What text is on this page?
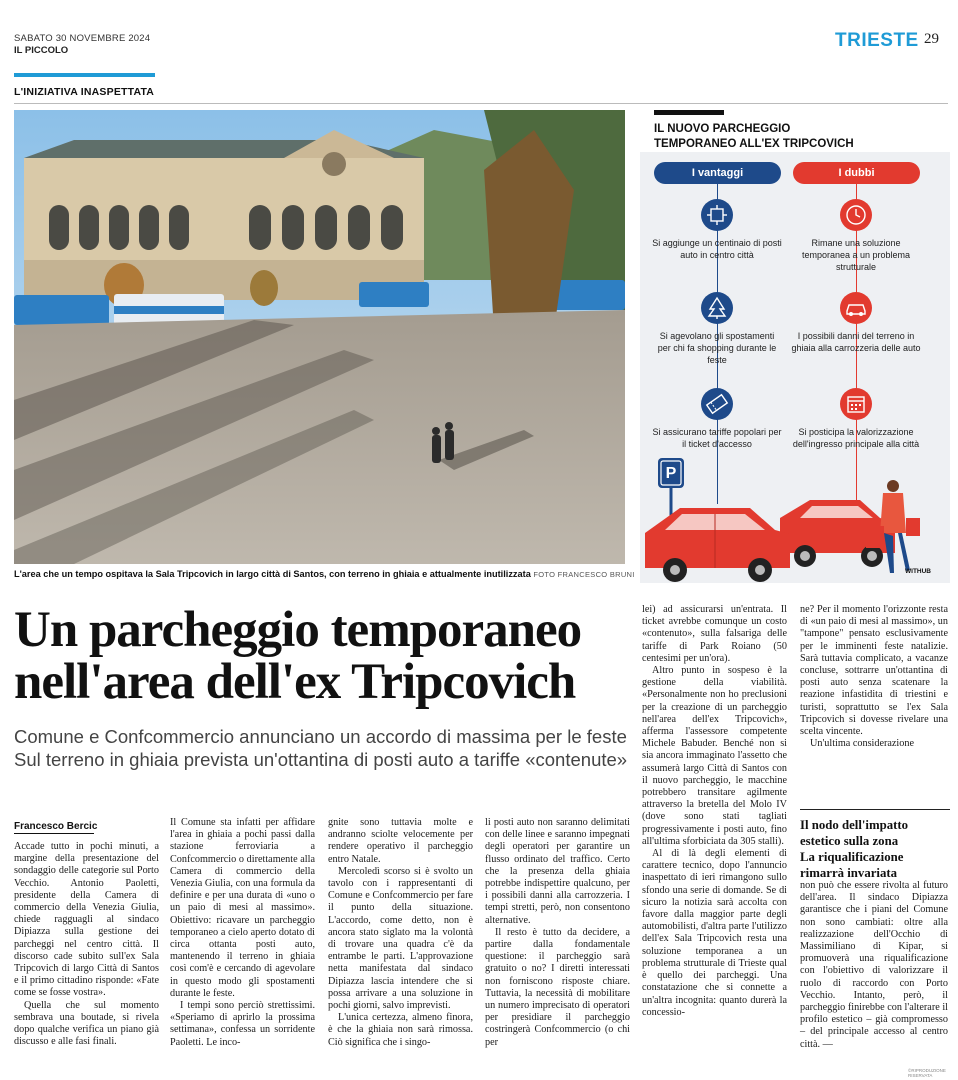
SABATO 30 NOVEMBRE 2024
IL PICCOLO	TRIESTE 29
L'INIZIATIVA INASPETTATA
L'area che un tempo ospitava la Sala Tripcovich in largo città di Santos, con terreno in ghiaia e attualmente inutilizzata FOTO FRANCESCO BRUNI
IL NUOVO PARCHEGGIO
TEMPORANEO ALL'EX TRIPCOVICH
I vantaggi	I dubbi
Si aggiunge un centinaio di posti auto in centro città
Si agevolano gli spostamenti per chi fa shopping durante le feste
Si assicurano tariffe popolari per il ticket d'accesso
Rimane una soluzione temporanea a un problema strutturale
I possibili danni del terreno in ghiaia alla carrozzeria delle auto
Si posticipa la valorizzazione dell'ingresso principale alla città
P
WITHUB
Un parcheggio temporaneo
nell'area dell'ex Tripcovich
Comune e Confcommercio annunciano un accordo di massima per le feste
Sul terreno in ghiaia prevista un'ottantina di posti auto a tariffe «contenute»
Francesco Bercic

Accade tutto in pochi minuti, a margine della presentazione del sondaggio delle categorie sul Porto Vecchio. Antonio Paoletti, presidente della Camera di commercio della Venezia Giulia, chiede ragguagli al sindaco Dipiazza sulla gestione dei parcheggi nel centro città. Il discorso cade subito sull'ex Sala Tripcovich di largo Città di Santos e il primo cittadino risponde: «Fate come se fosse vostra».

Quella che sul momento sembrava una boutade, si rivela dopo qualche verifica un piano già discusso e alle fasi finali.

Il Comune sta infatti per affidare l'area in ghiaia a pochi passi dalla stazione ferroviaria a Confcommercio o direttamente alla Camera di commercio della Venezia Giulia, con una formula da definire e per una durata di «uno o un paio di mesi al massimo». Obiettivo: ricavare un parcheggio temporaneo a cielo aperto dotato di circa ottanta posti auto, mantenendo il terreno in ghiaia così com'è e cercando di agevolare in questo modo gli spostamenti durante le feste.

I tempi sono perciò strettissimi. «Speriamo di aprirlo la prossima settimana», confessa un sorridente Paoletti. Le inco-

gnite sono tuttavia molte e andranno sciolte velocemente per rendere operativo il parcheggio entro Natale.

Mercoledì scorso si è svolto un tavolo con i rappresentanti di Comune e Confcommercio per fare il punto della situazione. L'accordo, come detto, non è ancora stato siglato ma la volontà di trovare una quadra c'è da entrambe le parti. L'approvazione netta manifestata dal sindaco Dipiazza lascia intendere che si possa arrivare a una soluzione in pochi giorni, salvo imprevisti.

L'unica certezza, almeno finora, è che la ghiaia non sarà rimossa. Ciò significa che i singo-

li posti auto non saranno delimitati con delle linee e saranno impegnati degli operatori per garantire un flusso ordinato del traffico. Certo che la presenza della ghiaia potrebbe indispettire qualcuno, per i possibili danni alla carrozzeria. I tempi stretti, però, non consentono alternative.

Il resto è tutto da decidere, a partire dalla fondamentale questione: il parcheggio sarà gratuito o no? I diretti interessati non forniscono risposte chiare. Tuttavia, la necessità di mobilitare un numero imprecisato di operatori per presidiare il parcheggio costringerà Confcommercio (o chi per

lei) ad assicurarsi un'entrata. Il ticket avrebbe comunque un costo «contenuto», sulla falsariga delle tariffe di Park Roiano (50 centesimi per un'ora).

Altro punto in sospeso è la gestione della viabilità. «Personalmente non ho preclusioni per la creazione di un parcheggio nell'area dell'ex Tripcovich», afferma l'assessore competente Michele Babuder. Benché non si sia ancora immaginato l'assetto che assumerà largo Città di Santos con il nuovo parcheggio, le macchine potrebbero transitare agilmente attraverso la bretella del Molo IV (dove sono stati tagliati progressivamente i posti auto, fino all'ultima sforbiciata da 305 stalli).

Al di là degli elementi di carattere tecnico, dopo l'annuncio inaspettato di ieri rimangono sullo sfondo una serie di domande. Se di sicuro la notizia sarà accolta con favore dalla maggior parte degli automobilisti, d'altra parte l'utilizzo dell'ex Sala Tripcovich resta una soluzione temporanea a un problema strutturale di Trieste qual è quello dei parcheggi. Una constatazione che si connette a un'altra incognita: quanto durerà la concessio-

ne? Per il momento l'orizzonte resta di «un paio di mesi al massimo», un "tampone" pensato esclusivamente per le imminenti feste natalizie. Sarà tuttavia complicato, a vacanze concluse, sottrarre un'ottantina di posti auto senza scatenare la reazione infastidita di triestini e turisti, soprattutto se l'ex Sala Tripcovich si dovesse rivelare una scelta vincente.

Un'ultima considerazione

Il nodo dell'impatto
estetico sulla zona
La riqualificazione
rimarrà invariata

non può che essere rivolta al futuro dell'area. Il sindaco Dipiazza garantisce che i piani del Comune non sono cambiati: oltre alla realizzazione dell'Occhio di Massimiliano di Kipar, si promuoverà una riqualificazione con l'obiettivo di valorizzare il ruolo di raccordo con Porto Vecchio. Intanto, però, il parcheggio finirebbe con l'alterare il profilo estetico – già compromesso – del principale accesso al centro città. —

©RIPRODUZIONE RISERVATA
